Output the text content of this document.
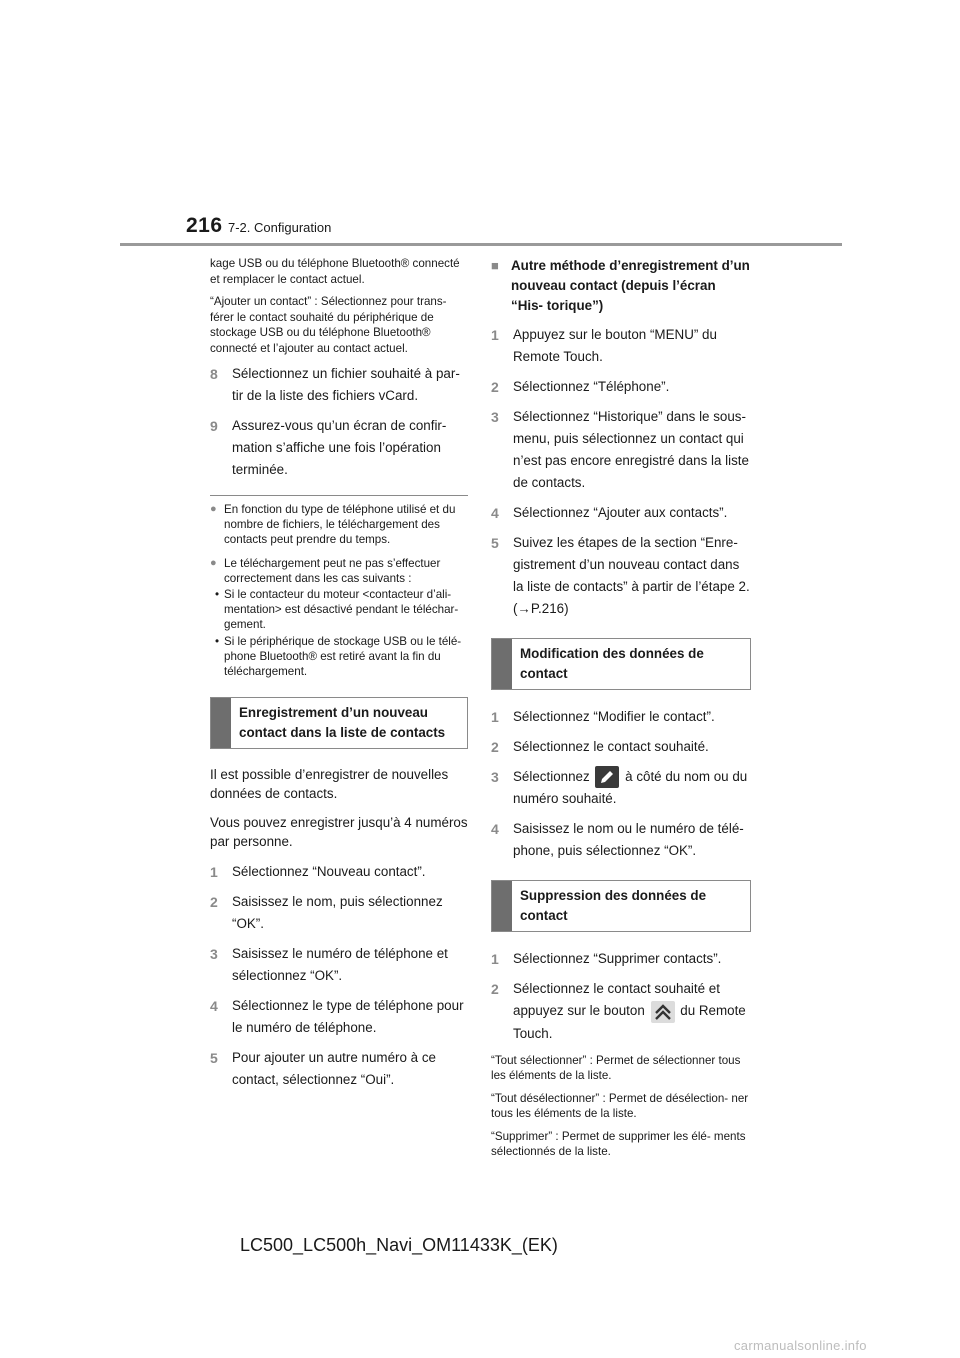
216 7-2. Configuration

kage USB ou du téléphone Bluetooth® connecté et remplacer le contact actuel.

“Ajouter un contact” : Sélectionnez pour trans- férer le contact souhaité du périphérique de stockage USB ou du téléphone Bluetooth® connecté et l’ajouter au contact actuel.

8	Sélectionnez un fichier souhaité à par- tir de la liste des fichiers vCard.
9	Assurez-vous qu’un écran de confir- mation s’affiche une fois l’opération terminée.
● En fonction du type de téléphone utilisé et du nombre de fichiers, le téléchargement des contacts peut prendre du temps.
● Le téléchargement peut ne pas s’effectuer correctement dans les cas suivants :
• Si le contacteur du moteur <contacteur d’ali- mentation> est désactivé pendant le téléchar- gement.
• Si le périphérique de stockage USB ou le télé- phone Bluetooth® est retiré avant la fin du téléchargement.
Enregistrement d’un nouveau contact dans la liste de contacts

Il est possible d’enregistrer de nouvelles données de contacts.

Vous pouvez enregistrer jusqu’à 4 numéros par personne.

1	Sélectionnez “Nouveau contact”.
2	Saisissez le nom, puis sélectionnez “OK”.
3	Saisissez le numéro de téléphone et sélectionnez “OK”.
4	Sélectionnez le type de téléphone pour le numéro de téléphone.
5	Pour ajouter un autre numéro à ce contact, sélectionnez “Oui”.
■ Autre méthode d’enregistrement d’un nouveau contact (depuis l’écran “His- torique”)
1	Appuyez sur le bouton “MENU” du Remote Touch.
2	Sélectionnez “Téléphone”.
3	Sélectionnez “Historique” dans le sous-menu, puis sélectionnez un contact qui n’est pas encore enregistré dans la liste de contacts.
4	Sélectionnez “Ajouter aux contacts”.
5	Suivez les étapes de la section “Enre- gistrement d’un nouveau contact dans la liste de contacts” à partir de l’étape 2. (→P.216)
Modification des données de contact
1	Sélectionnez “Modifier le contact”.
2	Sélectionnez le contact souhaité.
3	Sélectionnez	à côté du nom ou du numéro souhaité.
4	Saisissez le nom ou le numéro de télé- phone, puis sélectionnez “OK”.
Suppression des données de contact
1	Sélectionnez “Supprimer contacts”.
2	Sélectionnez le contact souhaité et appuyez sur le bouton	du Remote Touch.

“Tout sélectionner” : Permet de sélectionner tous les éléments de la liste.

“Tout désélectionner” : Permet de désélection- ner tous les éléments de la liste.

“Supprimer” : Permet de supprimer les élé- ments sélectionnés de la liste.

LC500_LC500h_Navi_OM11433K_(EK)
carmanualsonline.info
